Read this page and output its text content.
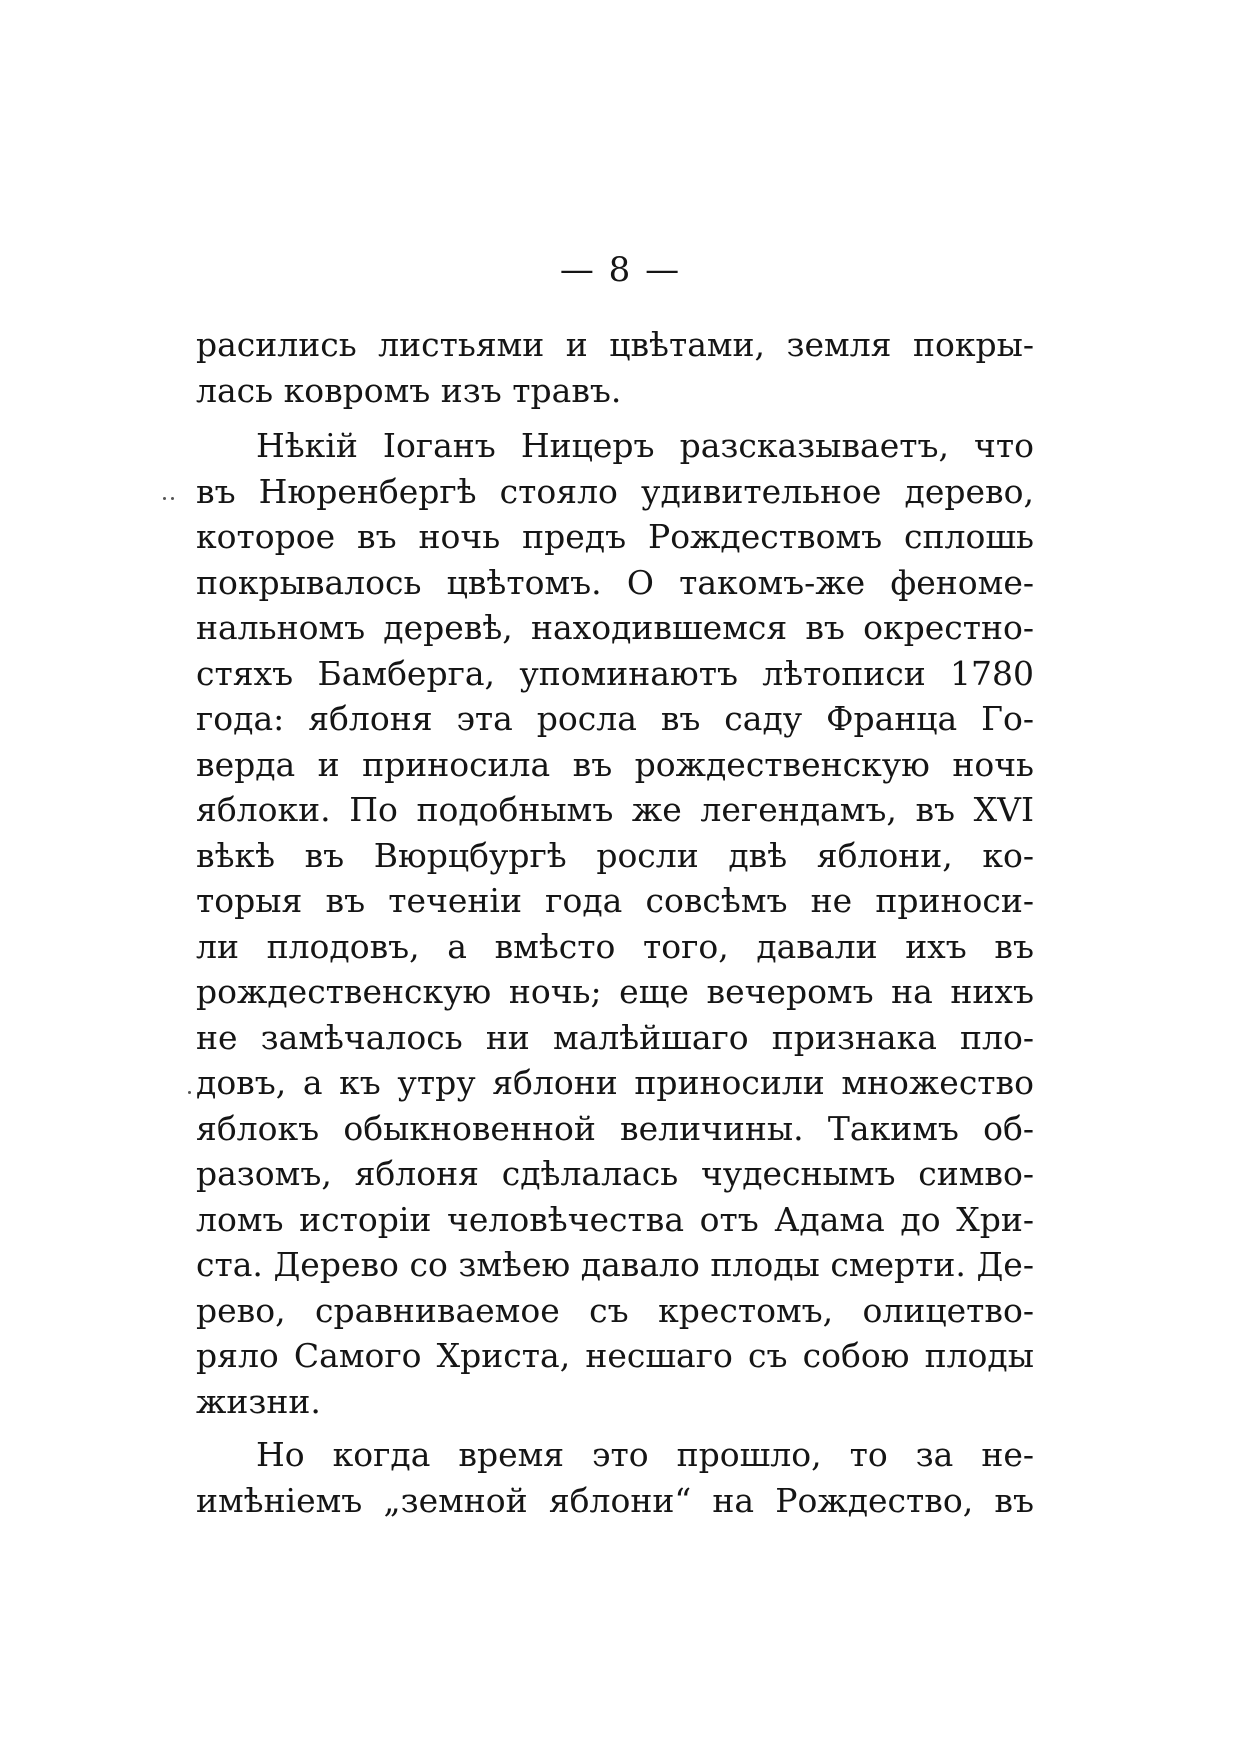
— 8 —
расились листьями и цвѣтами, земля покры-
лась ковромъ изъ травъ.
Нѣкій Іоганъ Ницеръ разсказываетъ, что
въ Нюренбергѣ стояло удивительное дерево,
которое въ ночь предъ Рождествомъ сплошь
покрывалось цвѣтомъ. О такомъ-же феноме-
нальномъ деревѣ, находившемся въ окрестно-
стяхъ Бамберга, упоминаютъ лѣтописи 1780
года: яблоня эта росла въ саду Франца Го-
верда и приносила въ рождественскую ночь
яблоки. По подобнымъ же легендамъ, въ XVI
вѣкѣ въ Вюрцбургѣ росли двѣ яблони, ко-
торыя въ теченіи года совсѣмъ не приноси-
ли плодовъ, а вмѣсто того, давали ихъ въ
рождественскую ночь; еще вечеромъ на нихъ
не замѣчалось ни малѣйшаго признака пло-
довъ, а къ утру яблони приносили множество
яблокъ обыкновенной величины. Такимъ об-
разомъ, яблоня сдѣлалась чудеснымъ симво-
ломъ исторіи человѣчества отъ Адама до Хри-
ста. Дерево со змѣею давало плоды смерти. Де-
рево, сравниваемое съ крестомъ, олицетво-
ряло Самого Христа, несшаго съ собою плоды
жизни.
Но когда время это прошло, то за не-
имѣніемъ „земной яблони“ на Рождество, въ
